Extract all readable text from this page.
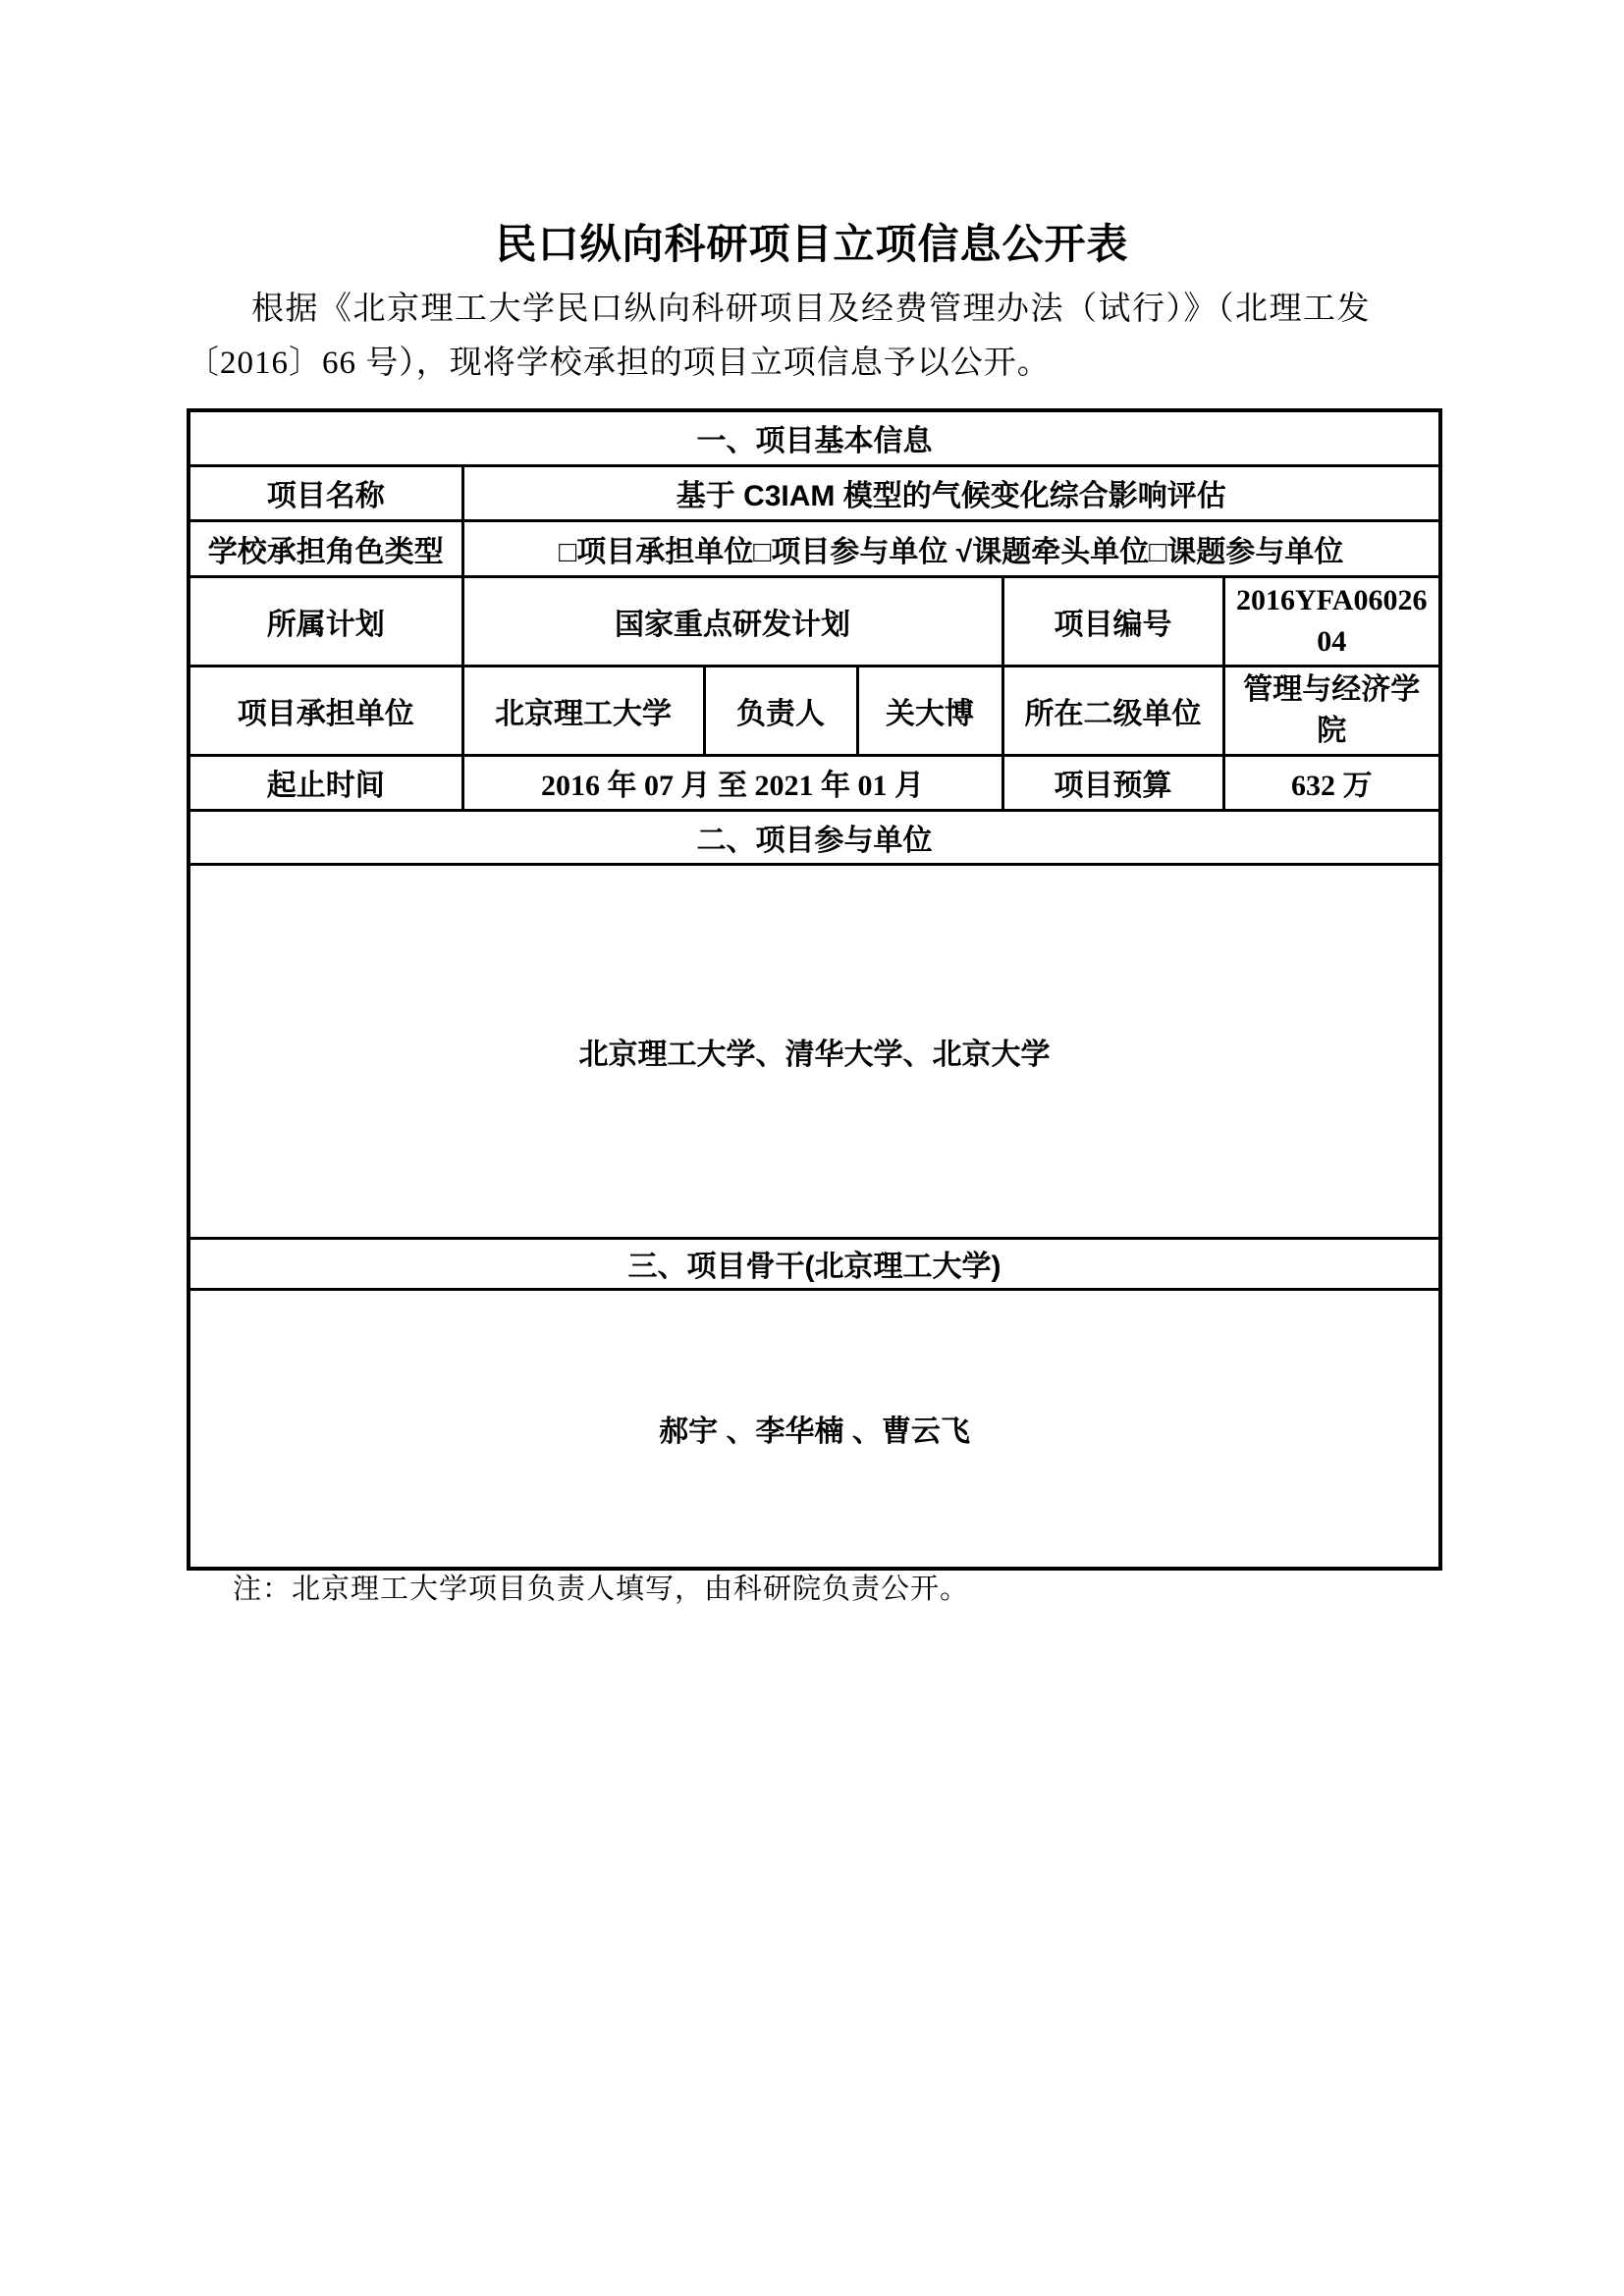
民口纵向科研项目立项信息公开表
根据《北京理工大学民口纵向科研项目及经费管理办法（试行）》（北理工发
〔2016〕66 号），现将学校承担的项目立项信息予以公开。
一、项目基本信息					
项目名称	基于 C3IAM 模型的气候变化综合影响评估				
学校承担角色类型	□项目承担单位□项目参与单位 √课题牵头单位□课题参与单位				
所属计划	国家重点研发计划			项目编号	2016YFA0602604

项目承担单位	北京理工大学	负责人	关大博	所在二级单位	管理与经济学院

起止时间	2016 年 07 月 至 2021 年 01 月			项目预算	632 万
二、项目参与单位					
北京理工大学、清华大学、北京大学					
三、项目骨干(北京理工大学)					
郝宇 、李华楠 、曹云飞					
注：北京理工大学项目负责人填写，由科研院负责公开。
